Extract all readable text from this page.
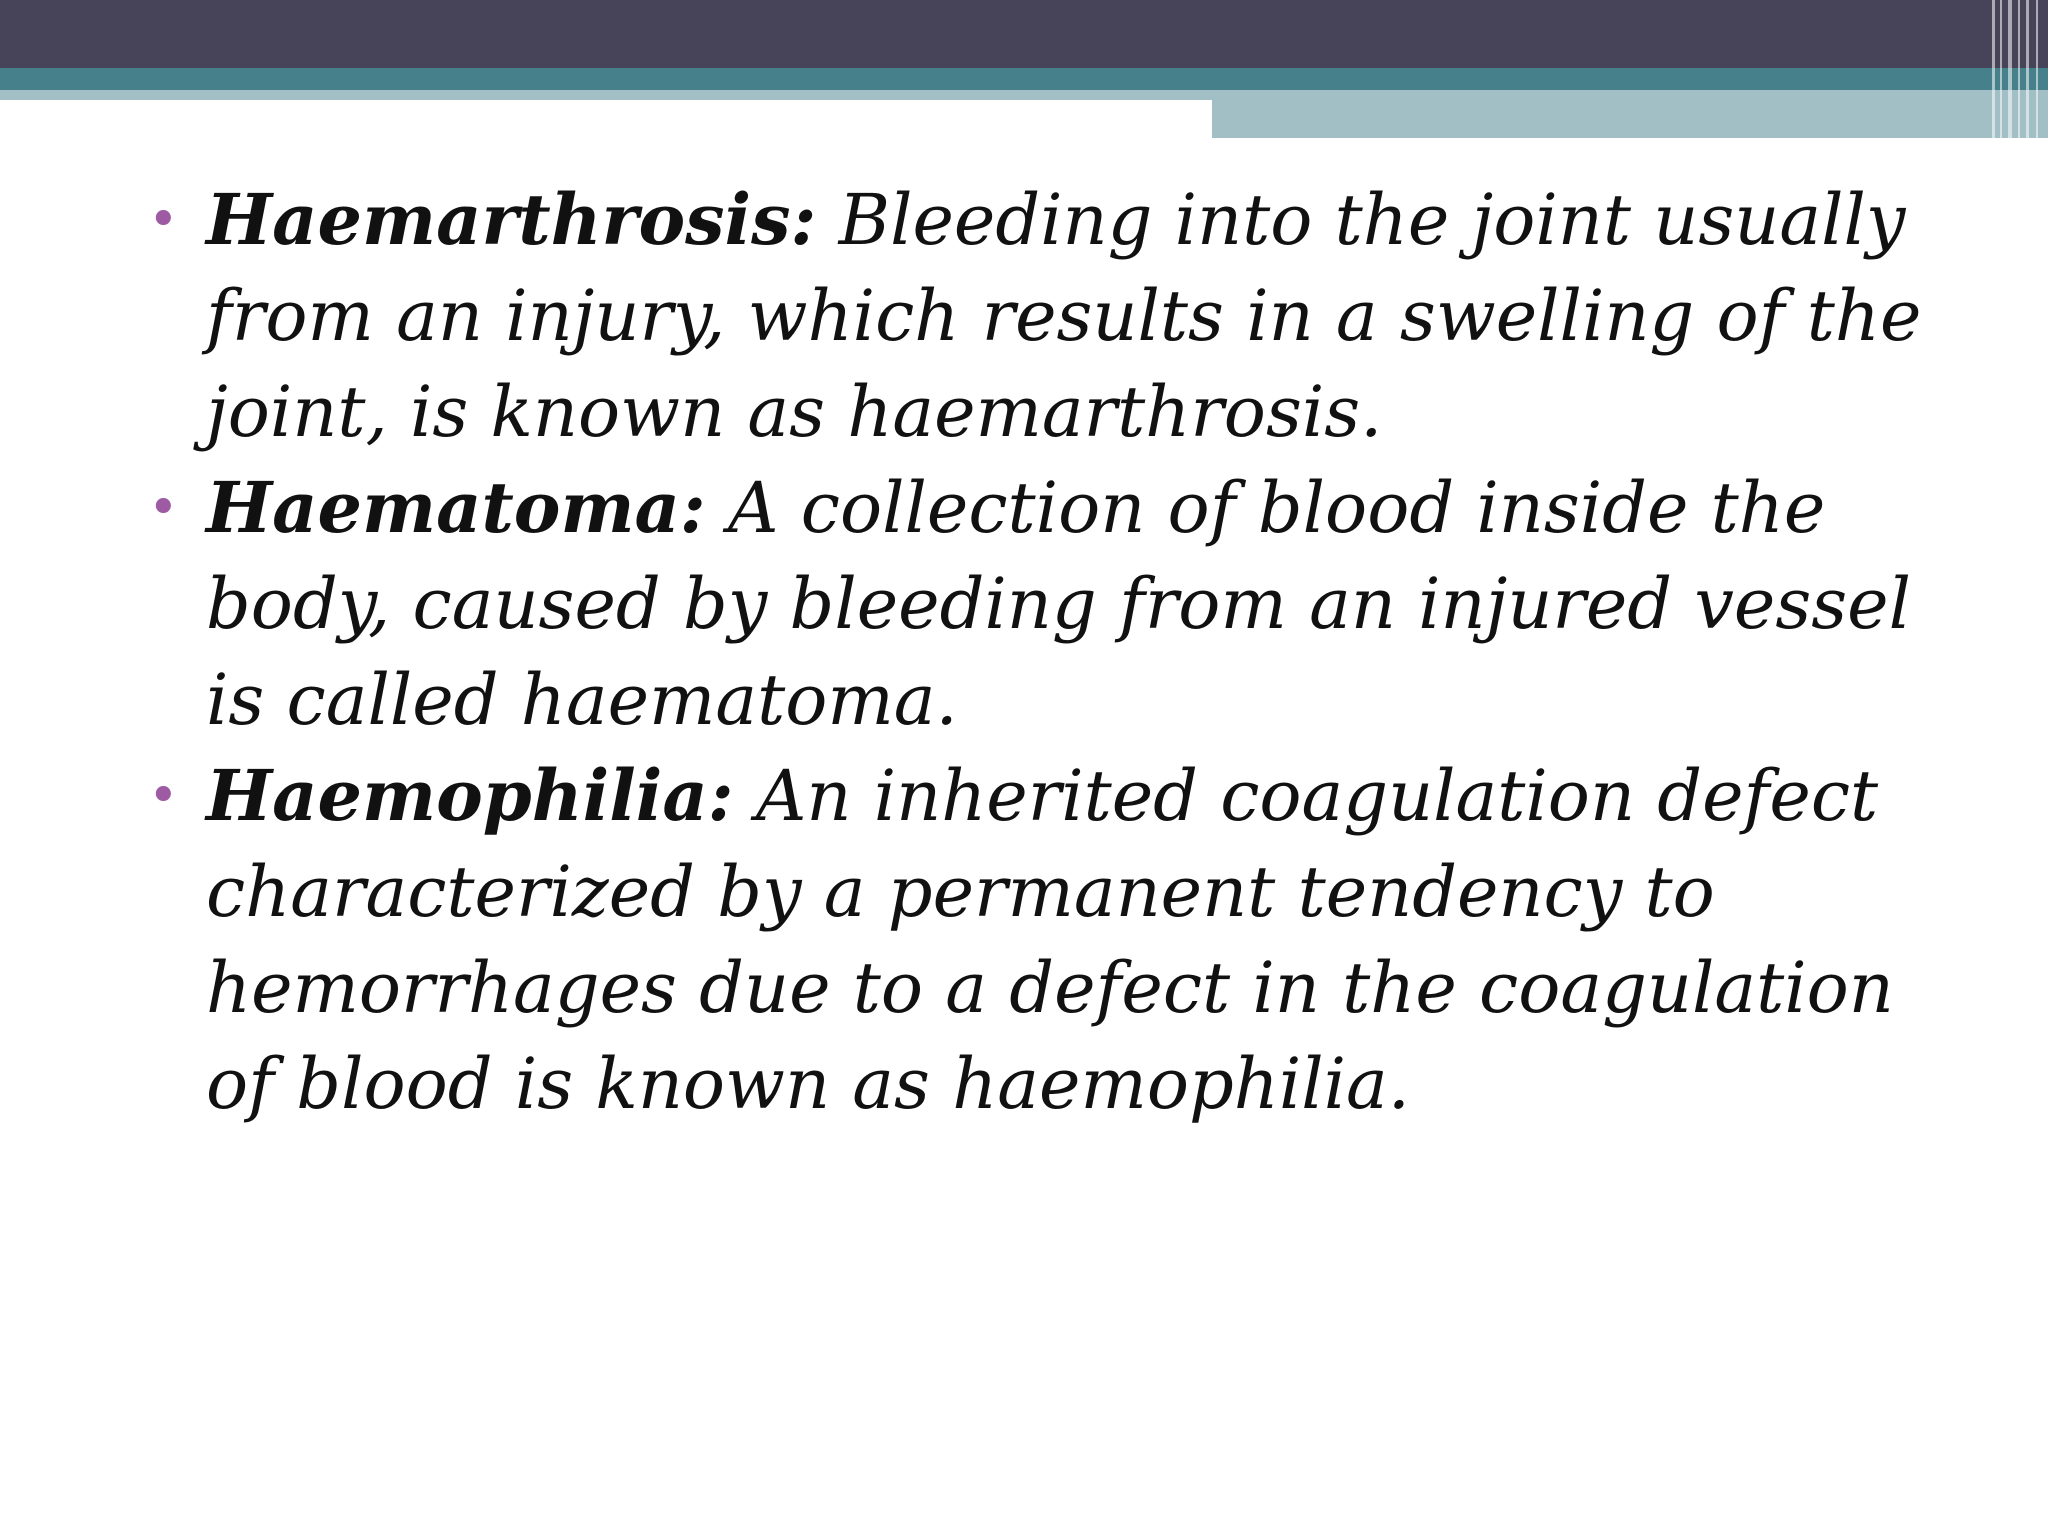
• Haemarthrosis: Bleeding into the joint usually from an injury, which results in a swelling of the joint, is known as haemarthrosis.
• Haematoma: A collection of blood inside the body, caused by bleeding from an injured vessel is called haematoma.
• Haemophilia: An inherited coagulation defect characterized by a permanent tendency to hemorrhages due to a defect in the coagulation of blood is known as haemophilia.
